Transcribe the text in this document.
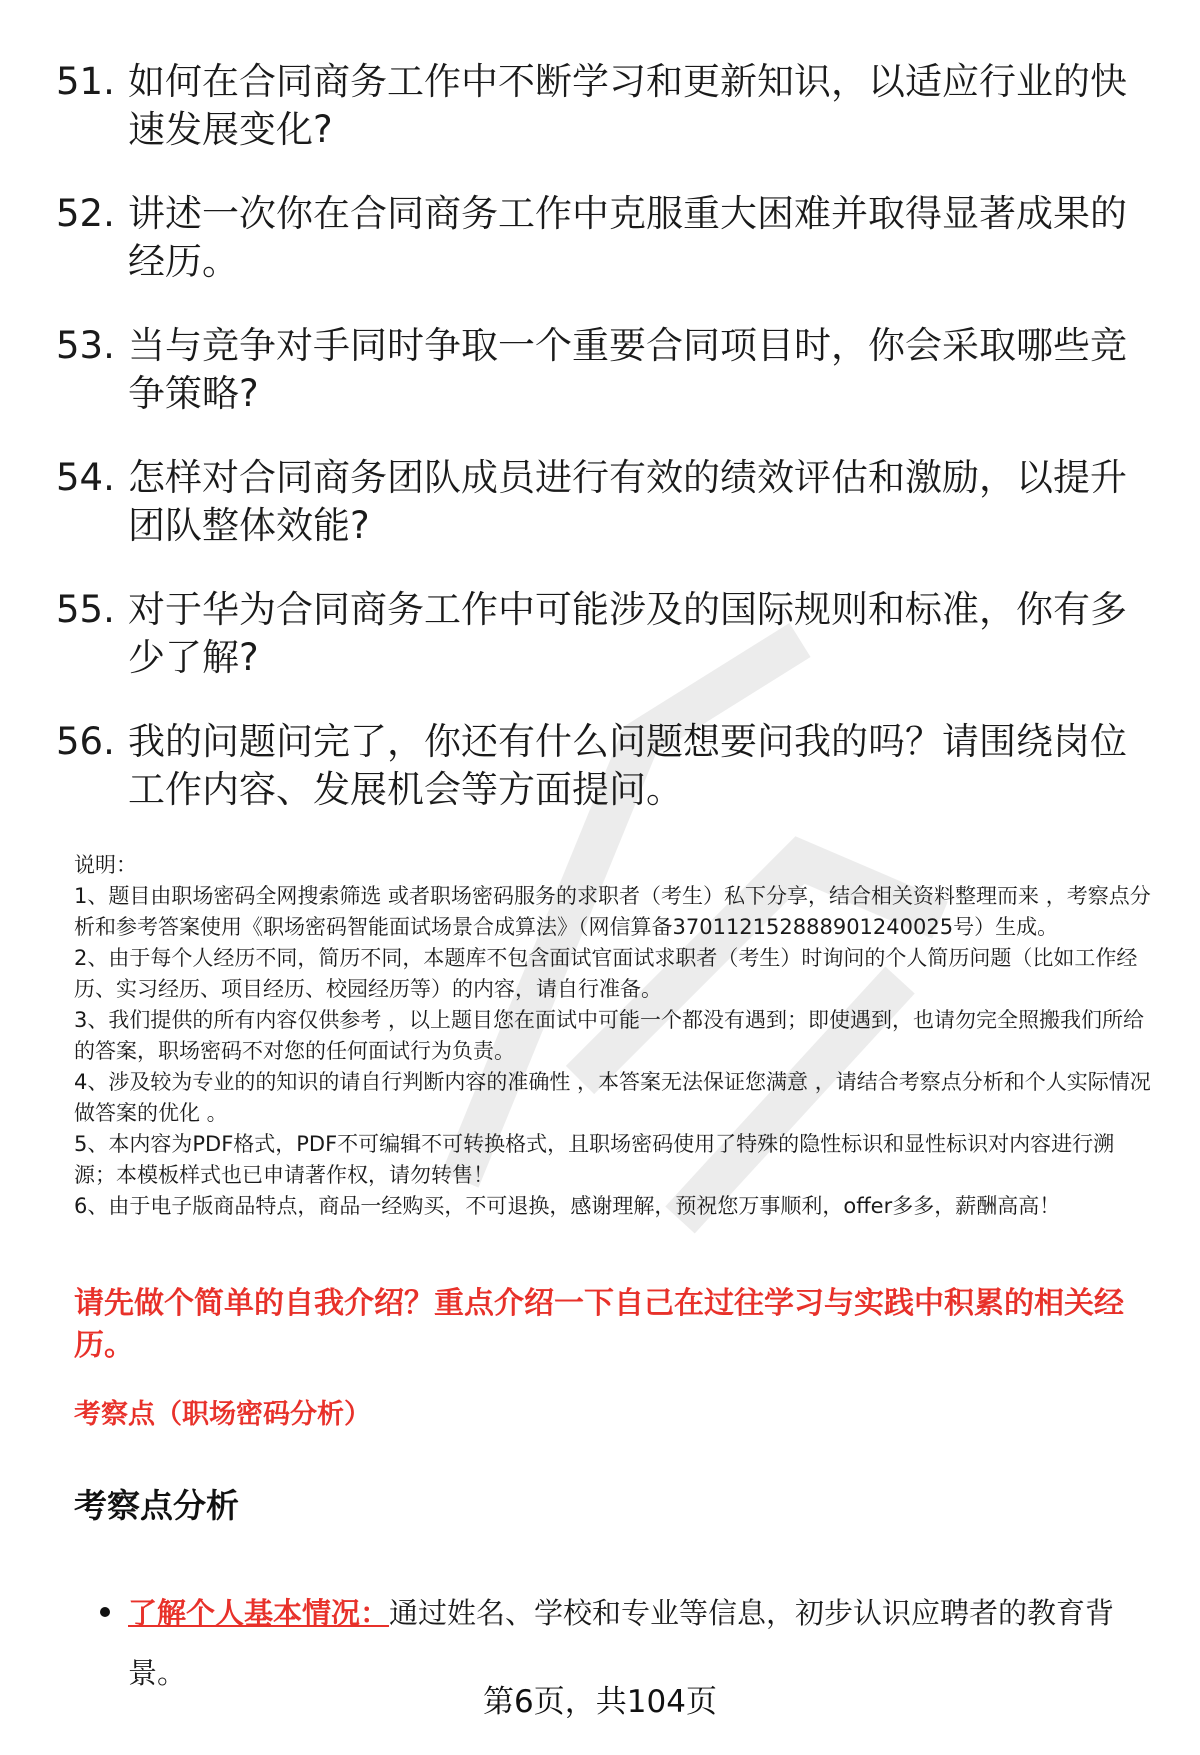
51. 如何在合同商务工作中不断学习和更新知识，以适应行业的快速发展变化?
52. 讲述一次你在合同商务工作中克服重大困难并取得显著成果的经历。
53. 当与竞争对手同时争取一个重要合同项目时，你会采取哪些竞争策略?
54. 怎样对合同商务团队成员进行有效的绩效评估和激励，以提升团队整体效能?
55. 对于华为合同商务工作中可能涉及的国际规则和标准，你有多少了解?
56. 我的问题问完了，你还有什么问题想要问我的吗？请围绕岗位工作内容、发展机会等方面提问。
说明：
1、题目由职场密码全网搜索筛选 或者职场密码服务的求职者（考生）私下分享，结合相关资料整理而来 ，考察点分析和参考答案使用《职场密码智能面试场景合成算法》（网信算备370112152888901240025号）生成。
2、由于每个人经历不同，简历不同，本题库不包含面试官面试求职者（考生）时询问的个人简历问题（比如工作经历、实习经历、项目经历、校园经历等）的内容，请自行准备。
3、我们提供的所有内容仅供参考 ，以上题目您在面试中可能一个都没有遇到；即使遇到，也请勿完全照搬我们所给的答案，职场密码不对您的任何面试行为负责。
4、涉及较为专业的的知识的请自行判断内容的准确性 ，本答案无法保证您满意 ，请结合考察点分析和个人实际情况做答案的优化 。
5、本内容为PDF格式，PDF不可编辑不可转换格式，且职场密码使用了特殊的隐性标识和显性标识对内容进行溯源；本模板样式也已申请著作权，请勿转售！
6、由于电子版商品特点，商品一经购买，不可退换，感谢理解，预祝您万事顺利，offer多多，薪酬高高！
请先做个简单的自我介绍？重点介绍一下自己在过往学习与实践中积累的相关经历。
考察点（职场密码分析）
考察点分析
了解个人基本情况：通过姓名、学校和专业等信息，初步认识应聘者的教育背景。
第6页，共104页
